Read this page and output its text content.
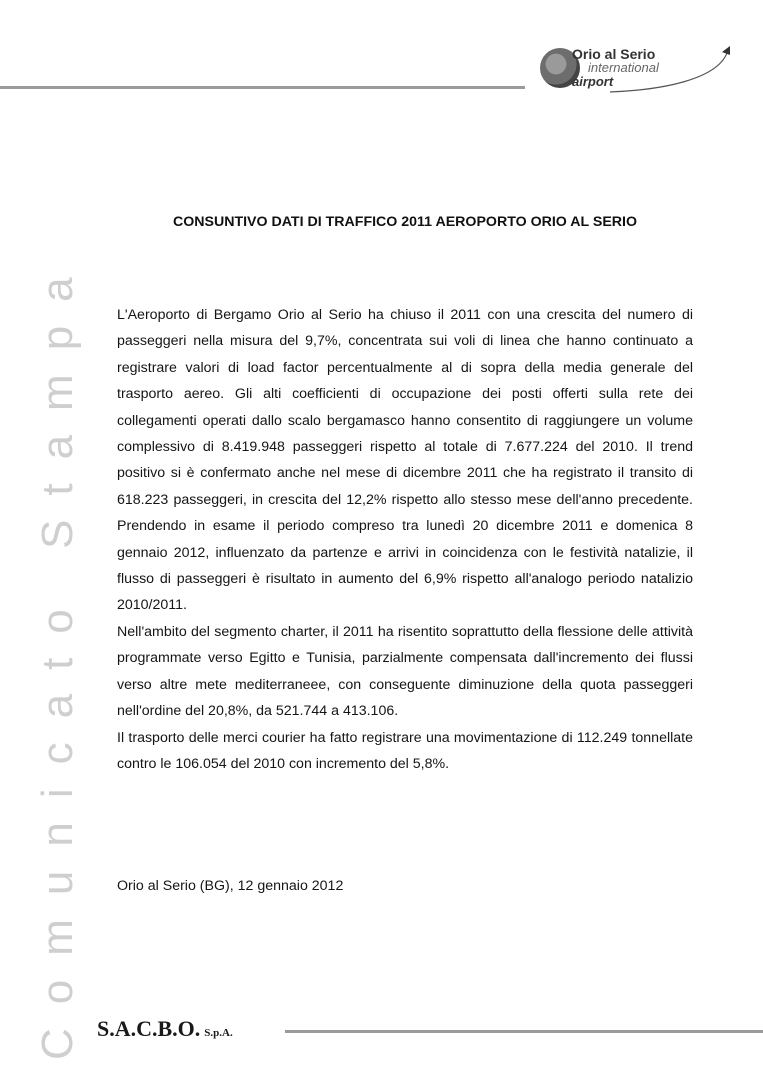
Orio al Serio
international
airport
Comunicato Stampa
CONSUNTIVO DATI DI TRAFFICO 2011 AEROPORTO ORIO AL SERIO

L'Aeroporto di Bergamo Orio al Serio ha chiuso il 2011 con una crescita del numero di passeggeri nella misura del 9,7%, concentrata sui voli di linea che hanno continuato a registrare valori di load factor percentualmente al di sopra della media generale del trasporto aereo. Gli alti coefficienti di occupazione dei posti offerti sulla rete dei collegamenti operati dallo scalo bergamasco hanno consentito di raggiungere un volume complessivo di 8.419.948 passeggeri rispetto al totale di 7.677.224 del 2010. Il trend positivo si è confermato anche nel mese di dicembre 2011 che ha registrato il transito di 618.223 passeggeri, in crescita del 12,2% rispetto allo stesso mese dell'anno precedente. Prendendo in esame il periodo compreso tra lunedì 20 dicembre 2011 e domenica 8 gennaio 2012, influenzato da partenze e arrivi in coincidenza con le festività natalizie, il flusso di passeggeri è risultato in aumento del 6,9% rispetto all'analogo periodo natalizio 2010/2011.

Nell'ambito del segmento charter, il 2011 ha risentito soprattutto della flessione delle attività programmate verso Egitto e Tunisia, parzialmente compensata dall'incremento dei flussi verso altre mete mediterraneee, con conseguente diminuzione della quota passeggeri nell'ordine del 20,8%, da 521.744 a 413.106.

Il trasporto delle merci courier ha fatto registrare una movimentazione di 112.249 tonnellate contro le 106.054 del 2010 con incremento del 5,8%.

Orio al Serio (BG), 12 gennaio 2012
S.A.C.B.O. S.p.A.
